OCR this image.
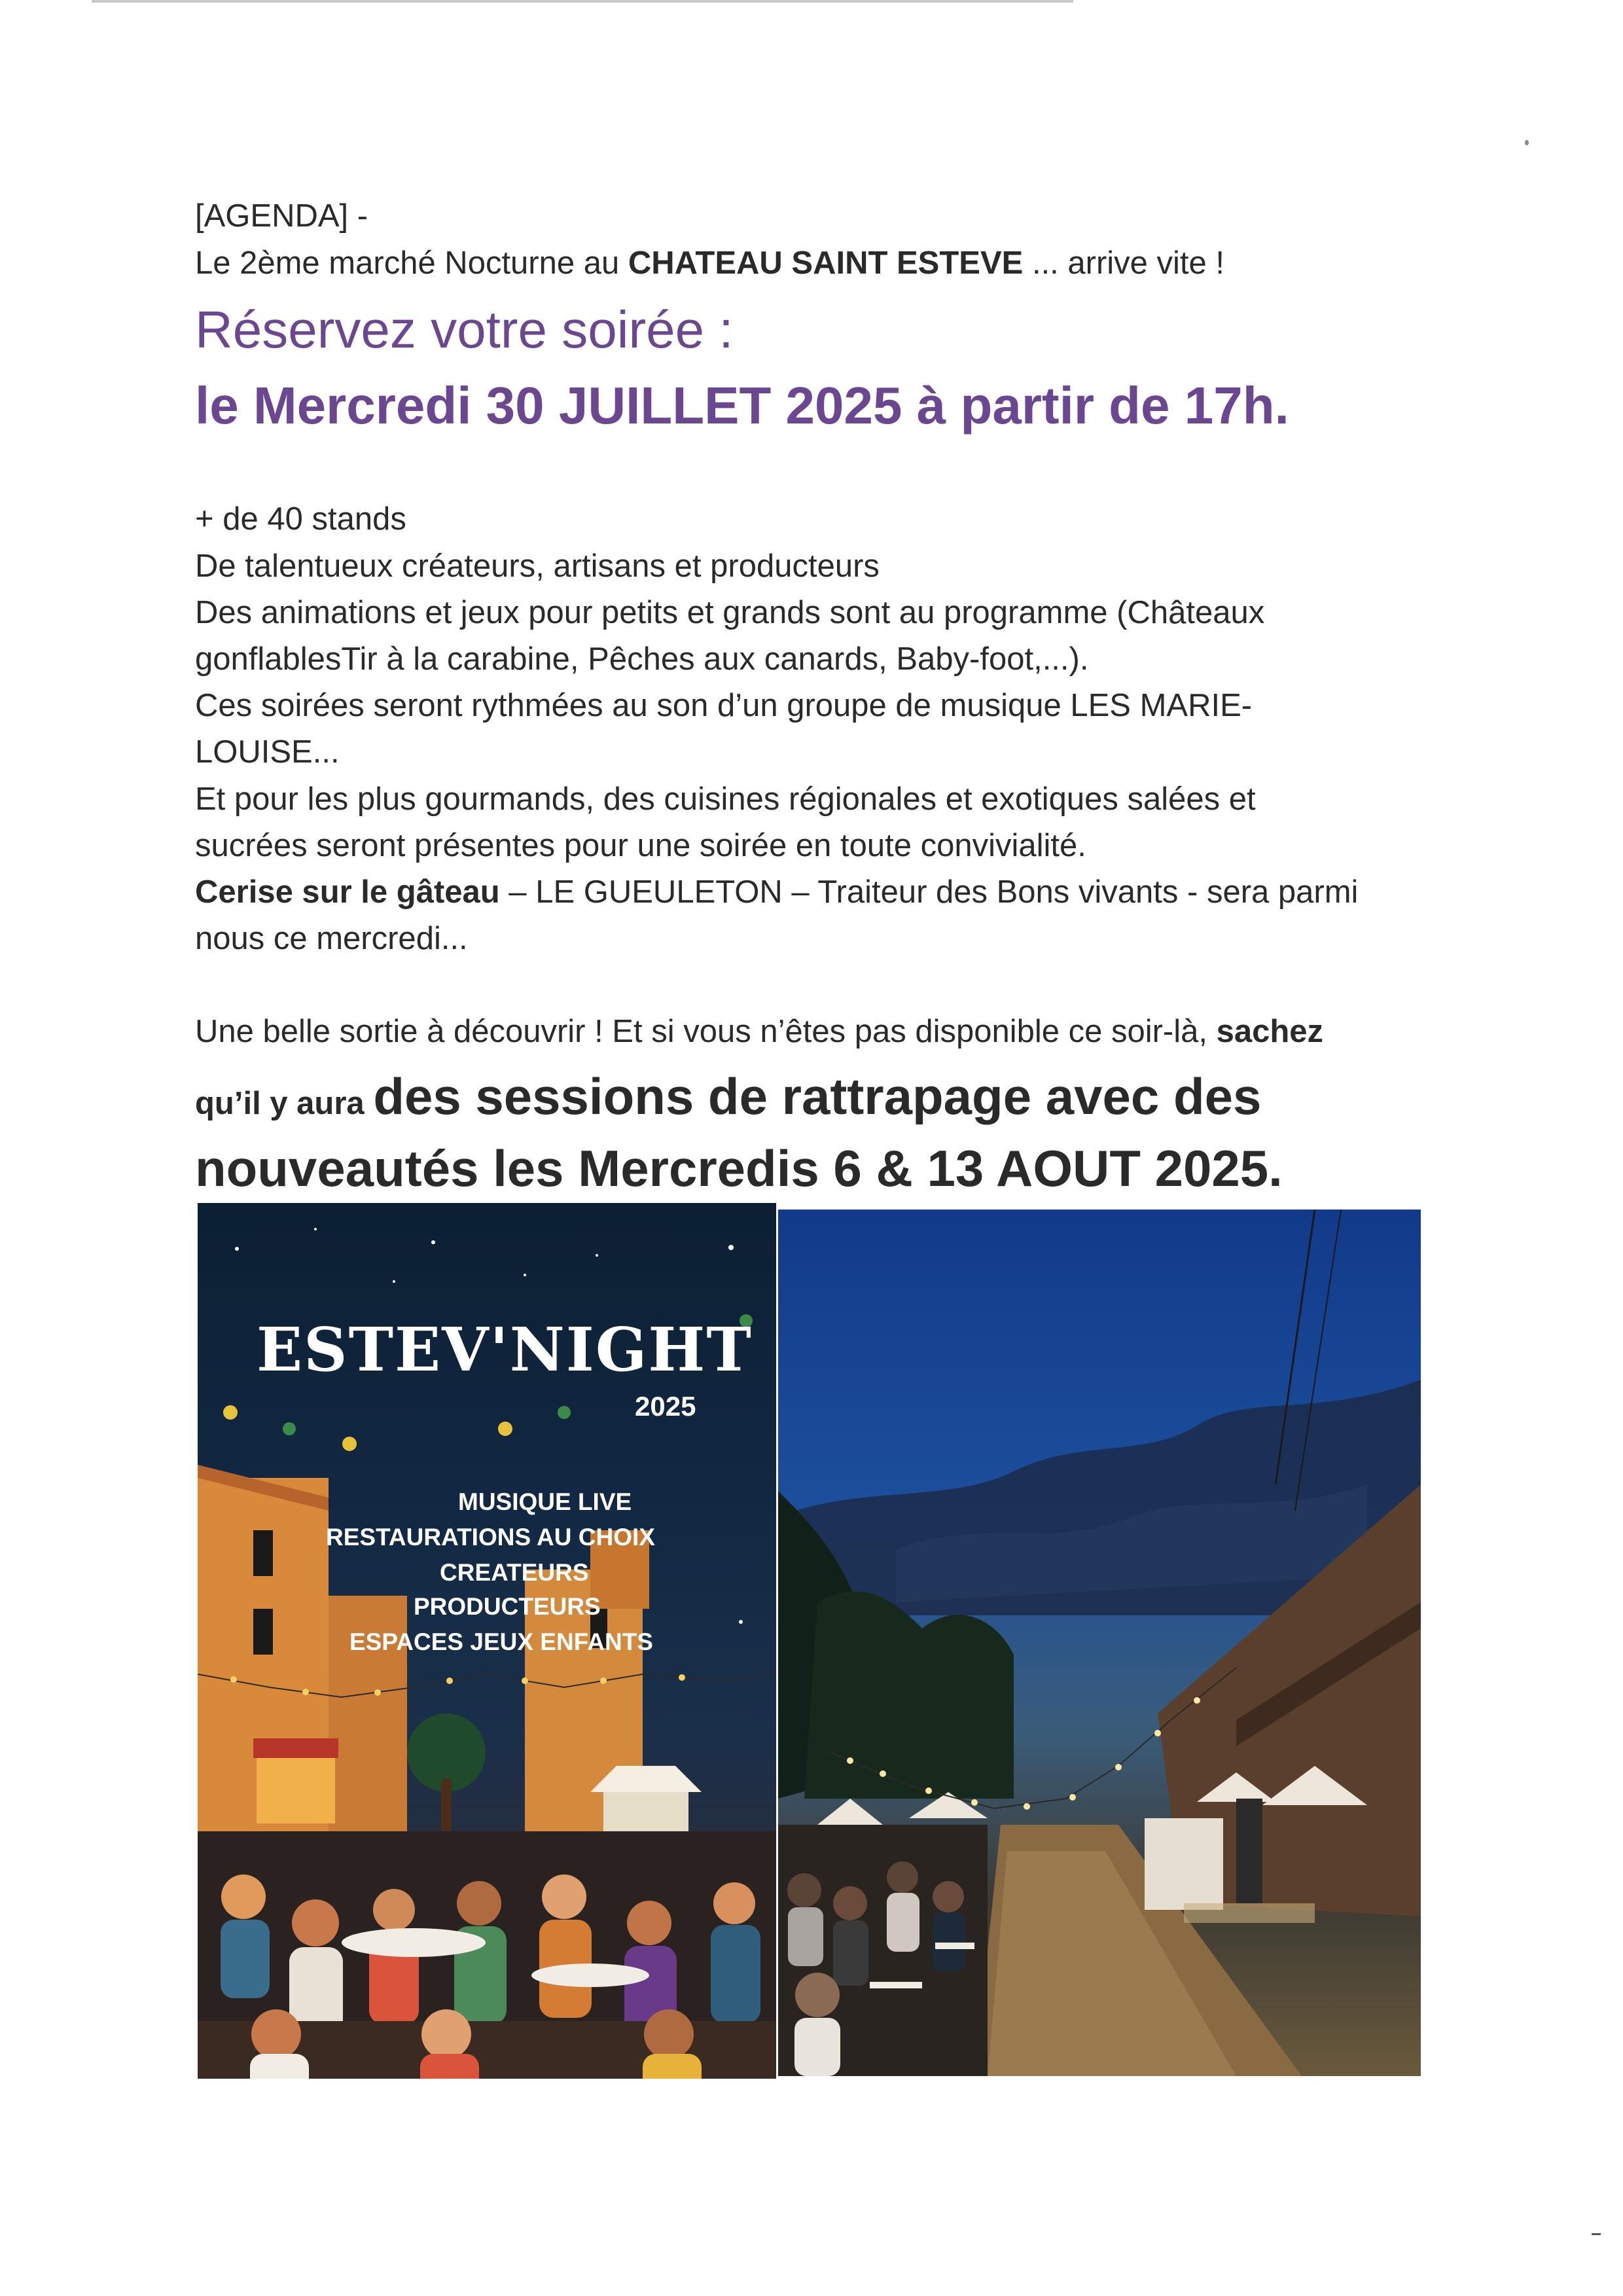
[AGENDA] -
Le 2ème marché Nocturne au CHATEAU SAINT ESTEVE ... arrive vite !
Réservez votre soirée :
le Mercredi 30 JUILLET 2025 à partir de 17h.
+ de 40 stands
De talentueux créateurs, artisans et producteurs
Des animations et jeux pour petits et grands sont au programme (Châteaux
gonflablesTir à la carabine, Pêches aux canards, Baby-foot,...).
Ces soirées seront rythmées au son d’un groupe de musique LES MARIE-
LOUISE...
Et pour les plus gourmands, des cuisines régionales et exotiques salées et
sucrées seront présentes pour une soirée en toute convivialité.
Cerise sur le gâteau – LE GUEULETON – Traiteur des Bons vivants - sera parmi
nous ce mercredi...
Une belle sortie à découvrir ! Et si vous n’êtes pas disponible ce soir-là, sachez
qu’il y aura des sessions de rattrapage avec des
nouveautés les Mercredis 6 & 13 AOUT 2025.
ESTEV'NIGHT
2025
MUSIQUE LIVE
RESTAURATIONS AU CHOIX
CREATEURS
PRODUCTEURS
ESPACES JEUX ENFANTS
